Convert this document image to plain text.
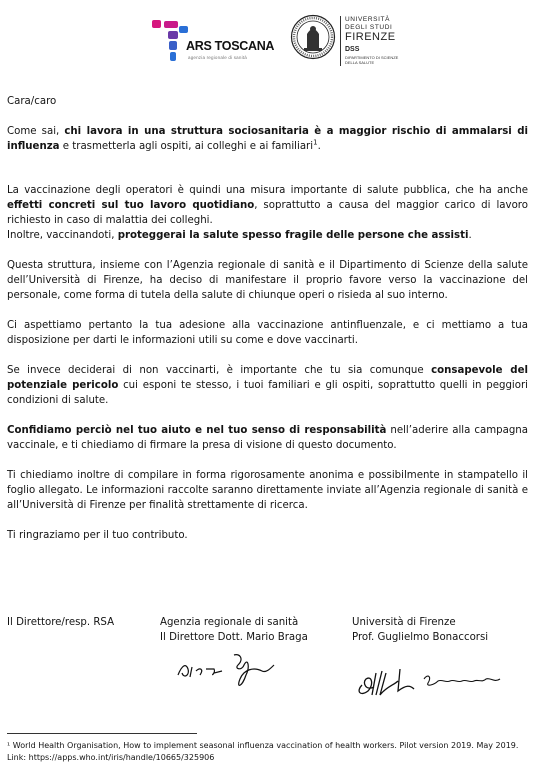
ARS TOSCANA
agenzia regionale di sanità
UNIVERSITÀ
DEGLI STUDI
FIRENZE
DSS
DIPARTIMENTO DI SCIENZE DELLA SALUTE

Cara/caro

Come sai, chi lavora in una struttura sociosanitaria è a maggior rischio di ammalarsi di influenza e trasmetterla agli ospiti, ai colleghi e ai familiari$^1$.

La vaccinazione degli operatori è quindi una misura importante di salute pubblica, che ha anche effetti concreti sul tuo lavoro quotidiano, soprattutto a causa del maggior carico di lavoro richiesto in caso di malattia dei colleghi.

Inoltre, vaccinandoti, proteggerai la salute spesso fragile delle persone che assisti.

Questa struttura, insieme con l’Agenzia regionale di sanità e il Dipartimento di Scienze della salute dell’Università di Firenze, ha deciso di manifestare il proprio favore verso la vaccinazione del personale, come forma di tutela della salute di chiunque operi o risieda al suo interno.

Ci aspettiamo pertanto la tua adesione alla vaccinazione antinfluenzale, e ci mettiamo a tua disposizione per darti le informazioni utili su come e dove vaccinarti.

Se invece deciderai di non vaccinarti, è importante che tu sia comunque consapevole del potenziale pericolo cui esponi te stesso, i tuoi familiari e gli ospiti, soprattutto quelli in peggiori condizioni di salute.

Confidiamo perciò nel tuo aiuto e nel tuo senso di responsabilità nell’aderire alla campagna vaccinale, e ti chiediamo di firmare la presa di visione di questo documento.

Ti chiediamo inoltre di compilare in forma rigorosamente anonima e possibilmente in stampatello il foglio allegato. Le informazioni raccolte saranno direttamente inviate all’Agenzia regionale di sanità e all’Università di Firenze per finalità strettamente di ricerca.

Ti ringraziamo per il tuo contributo.

Il Direttore/resp. RSA	Agenzia regionale di sanità
Il Direttore Dott. Mario Braga
Università di Firenze
Prof. Guglielmo Bonaccorsi
¹ World Health Organisation, How to implement seasonal influenza vaccination of health workers. Pilot version 2019. May 2019. Link: https://apps.who.int/iris/handle/10665/325906
